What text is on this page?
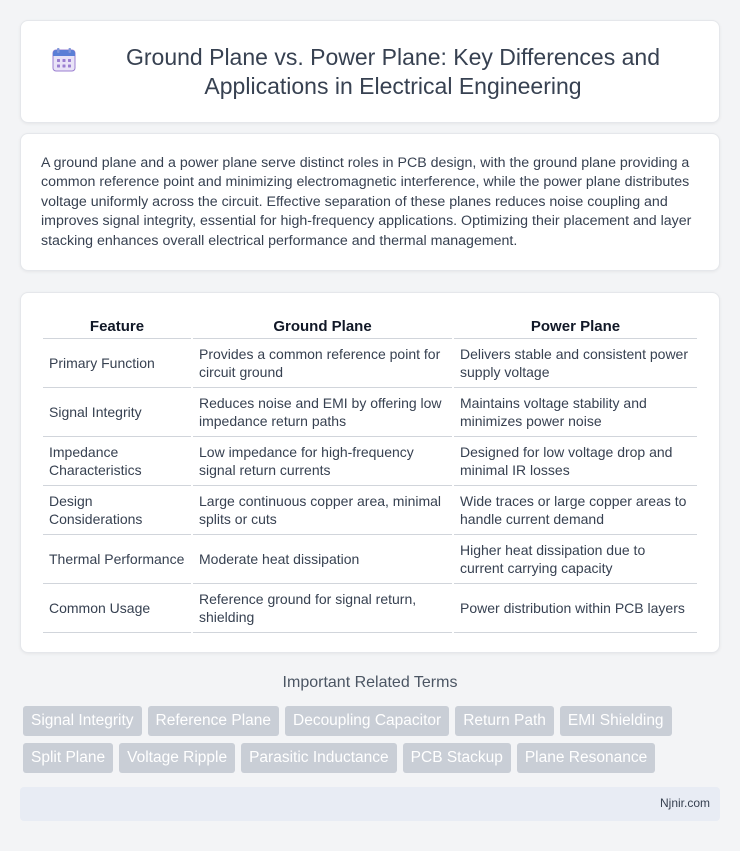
Ground Plane vs. Power Plane: Key Differences and Applications in Electrical Engineering

A ground plane and a power plane serve distinct roles in PCB design, with the ground plane providing a common reference point and minimizing electromagnetic interference, while the power plane distributes voltage uniformly across the circuit. Effective separation of these planes reduces noise coupling and improves signal integrity, essential for high-frequency applications. Optimizing their placement and layer stacking enhances overall electrical performance and thermal management.

Feature	Ground Plane	Power Plane
Primary Function	Provides a common reference point for circuit ground	Delivers stable and consistent power supply voltage
Signal Integrity	Reduces noise and EMI by offering low impedance return paths	Maintains voltage stability and minimizes power noise
Impedance Characteristics	Low impedance for high-frequency signal return currents	Designed for low voltage drop and minimal IR losses
Design Considerations	Large continuous copper area, minimal splits or cuts	Wide traces or large copper areas to handle current demand
Thermal Performance	Moderate heat dissipation	Higher heat dissipation due to current carrying capacity
Common Usage	Reference ground for signal return, shielding	Power distribution within PCB layers
Important Related Terms
Signal Integrity	Reference Plane	Decoupling Capacitor	Return Path	EMI Shielding
Split Plane	Voltage Ripple	Parasitic Inductance	PCB Stackup	Plane Resonance
Njnir.com
